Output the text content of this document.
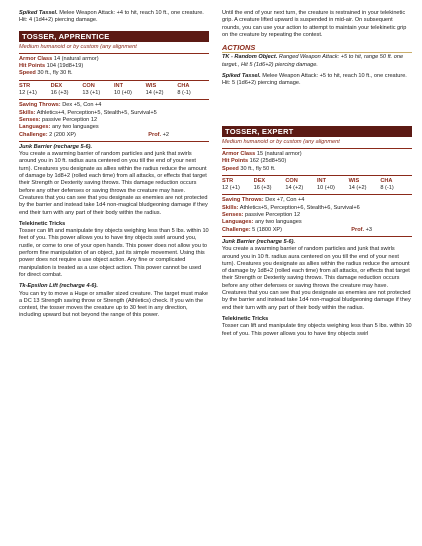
Spiked Tassel. Melee Weapon Attack: +4 to hit, reach 10 ft., one creature. Hit: 4 (1d4+2) piercing damage.

TOSSER, APPRENTICE

Medium humanoid or by custom (any alignment

Armor Class 14 (natural armor)

Hit Points 104 (19d8+19)

Speed 30 ft., fly 30 ft.

STR	DEX	CON	INT	WIS	CHA
12 (+1)	16 (+3)	13 (+1)	10 (+0)	14 (+2)	8 (-1)

Saving Throws: Dex +5, Con +4

Skills: Athletics+4, Perception+5, Stealth+5, Survival+5

Senses: passive Perception 12

Languages: any two languages

Challenge: 2 (200 XP)	Prof. +2

Junk Barrier (recharge 5-6).

You create a swarming barrier of random particles and junk that swirls around you in 10 ft. radius aura centered on you till the end of your next turn). Creatures you designate as allies within the radius reduce the amount of damage by 1d8+2 (rolled each time) from all attacks, or effects that target their Strength or Dexterity saving throws. This damage reduction occurs before any other defenses or saving throws the creature may have. Creatures that you can see that you designate as enemies are not protected by the barrier and instead take 1d4 non-magical bludgeoning damage if they end their turn with any part of their body within the radius.

Telekinetic Tricks

Tosser can lift and manipulate tiny objects weighing less than 5 lbs. within 10 feet of you. This power allows you to have tiny objects swirl around you, rustle, or come to one of your open hands. This power does not allow you to perform fine manipulation of an object, just its simple movement. Using this power does not require a use object action. Any fine or complicated manipulation is treated as a use object action. This power cannot be used for direct combat.

Tk-Epsilon Lift (recharge 4-6).

You can try to move a Huge or smaller sized creature. The target must make a DC 13 Strength saving throw or Strength (Athletics) check. If you win the contest, the tosser moves the creature up to 30 feet in any direction, including upward but not beyond the range of this power.

Until the end of your next turn, the creature is restrained in your telekinetic grip. A creature lifted upward is suspended in mid-air. On subsequent rounds, you can use your action to attempt to maintain your telekinetic grip on the creature by repeating the contest.

ACTIONS

TK - Random Object. Ranged Weapon Attack: +5 to hit, range 50 ft. one target., Hit 5 (1d6+2) piercing damage.

Spiked Tassel. Melee Weapon Attack: +5 to hit, reach 10 ft., one creature. Hit: 5 (1d6+2) piercing damage.

TOSSER, EXPERT

Medium humanoid or by custom (any alignment

Armor Class 15 (natural armor)

Hit Points 162 (25d8+50)

Speed 30 ft., fly 50 ft.

STR	DEX	CON	INT	WIS	CHA
12 (+1)	16 (+3)	14 (+2)	10 (+0)	14 (+2)	8 (-1)

Saving Throws: Dex +7, Con +4

Skills: Athletics+5, Perception+6, Stealth+6, Survival+6

Senses: passive Perception 12

Languages: any two languages

Challenge: 5 (1800 XP)	Prof. +3

Junk Barrier (recharge 5-6).

You create a swarming barrier of random particles and junk that swirls around you in 10 ft. radius aura centered on you till the end of your next turn). Creatures you designate as allies within the radius reduce the amount of damage by 1d8+2 (rolled each time) from all attacks, or effects that target their Strength or Dexterity saving throws. This damage reduction occurs before any other defenses or saving throws the creature may have. Creatures that you can see that you designate as enemies are not protected by the barrier and instead take 1d4 non-magical bludgeoning damage if they end their turn with any part of their body within the radius.

Telekinetic Tricks

Tosser can lift and manipulate tiny objects weighing less than 5 lbs. within 10 feet of you. This power allows you to have tiny objects swirl
